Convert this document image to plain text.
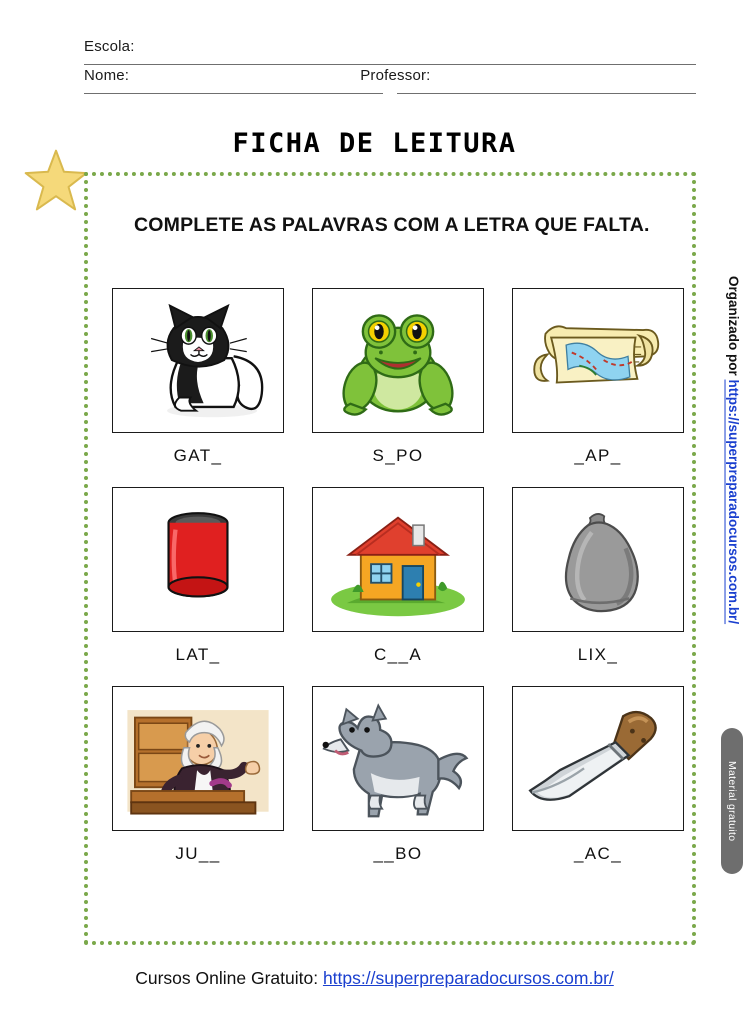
Escola:
Nome:	Professor:
FICHA DE LEITURA
COMPLETE AS PALAVRAS COM A LETRA QUE FALTA.
GAT_	S_PO	_AP_
LAT_	C__A	LIX_
JU__	__BO	_AC_
Organizado por https://superpreparadocursos.com.br/
Material gratuito
Cursos Online Gratuito: https://superpreparadocursos.com.br/
